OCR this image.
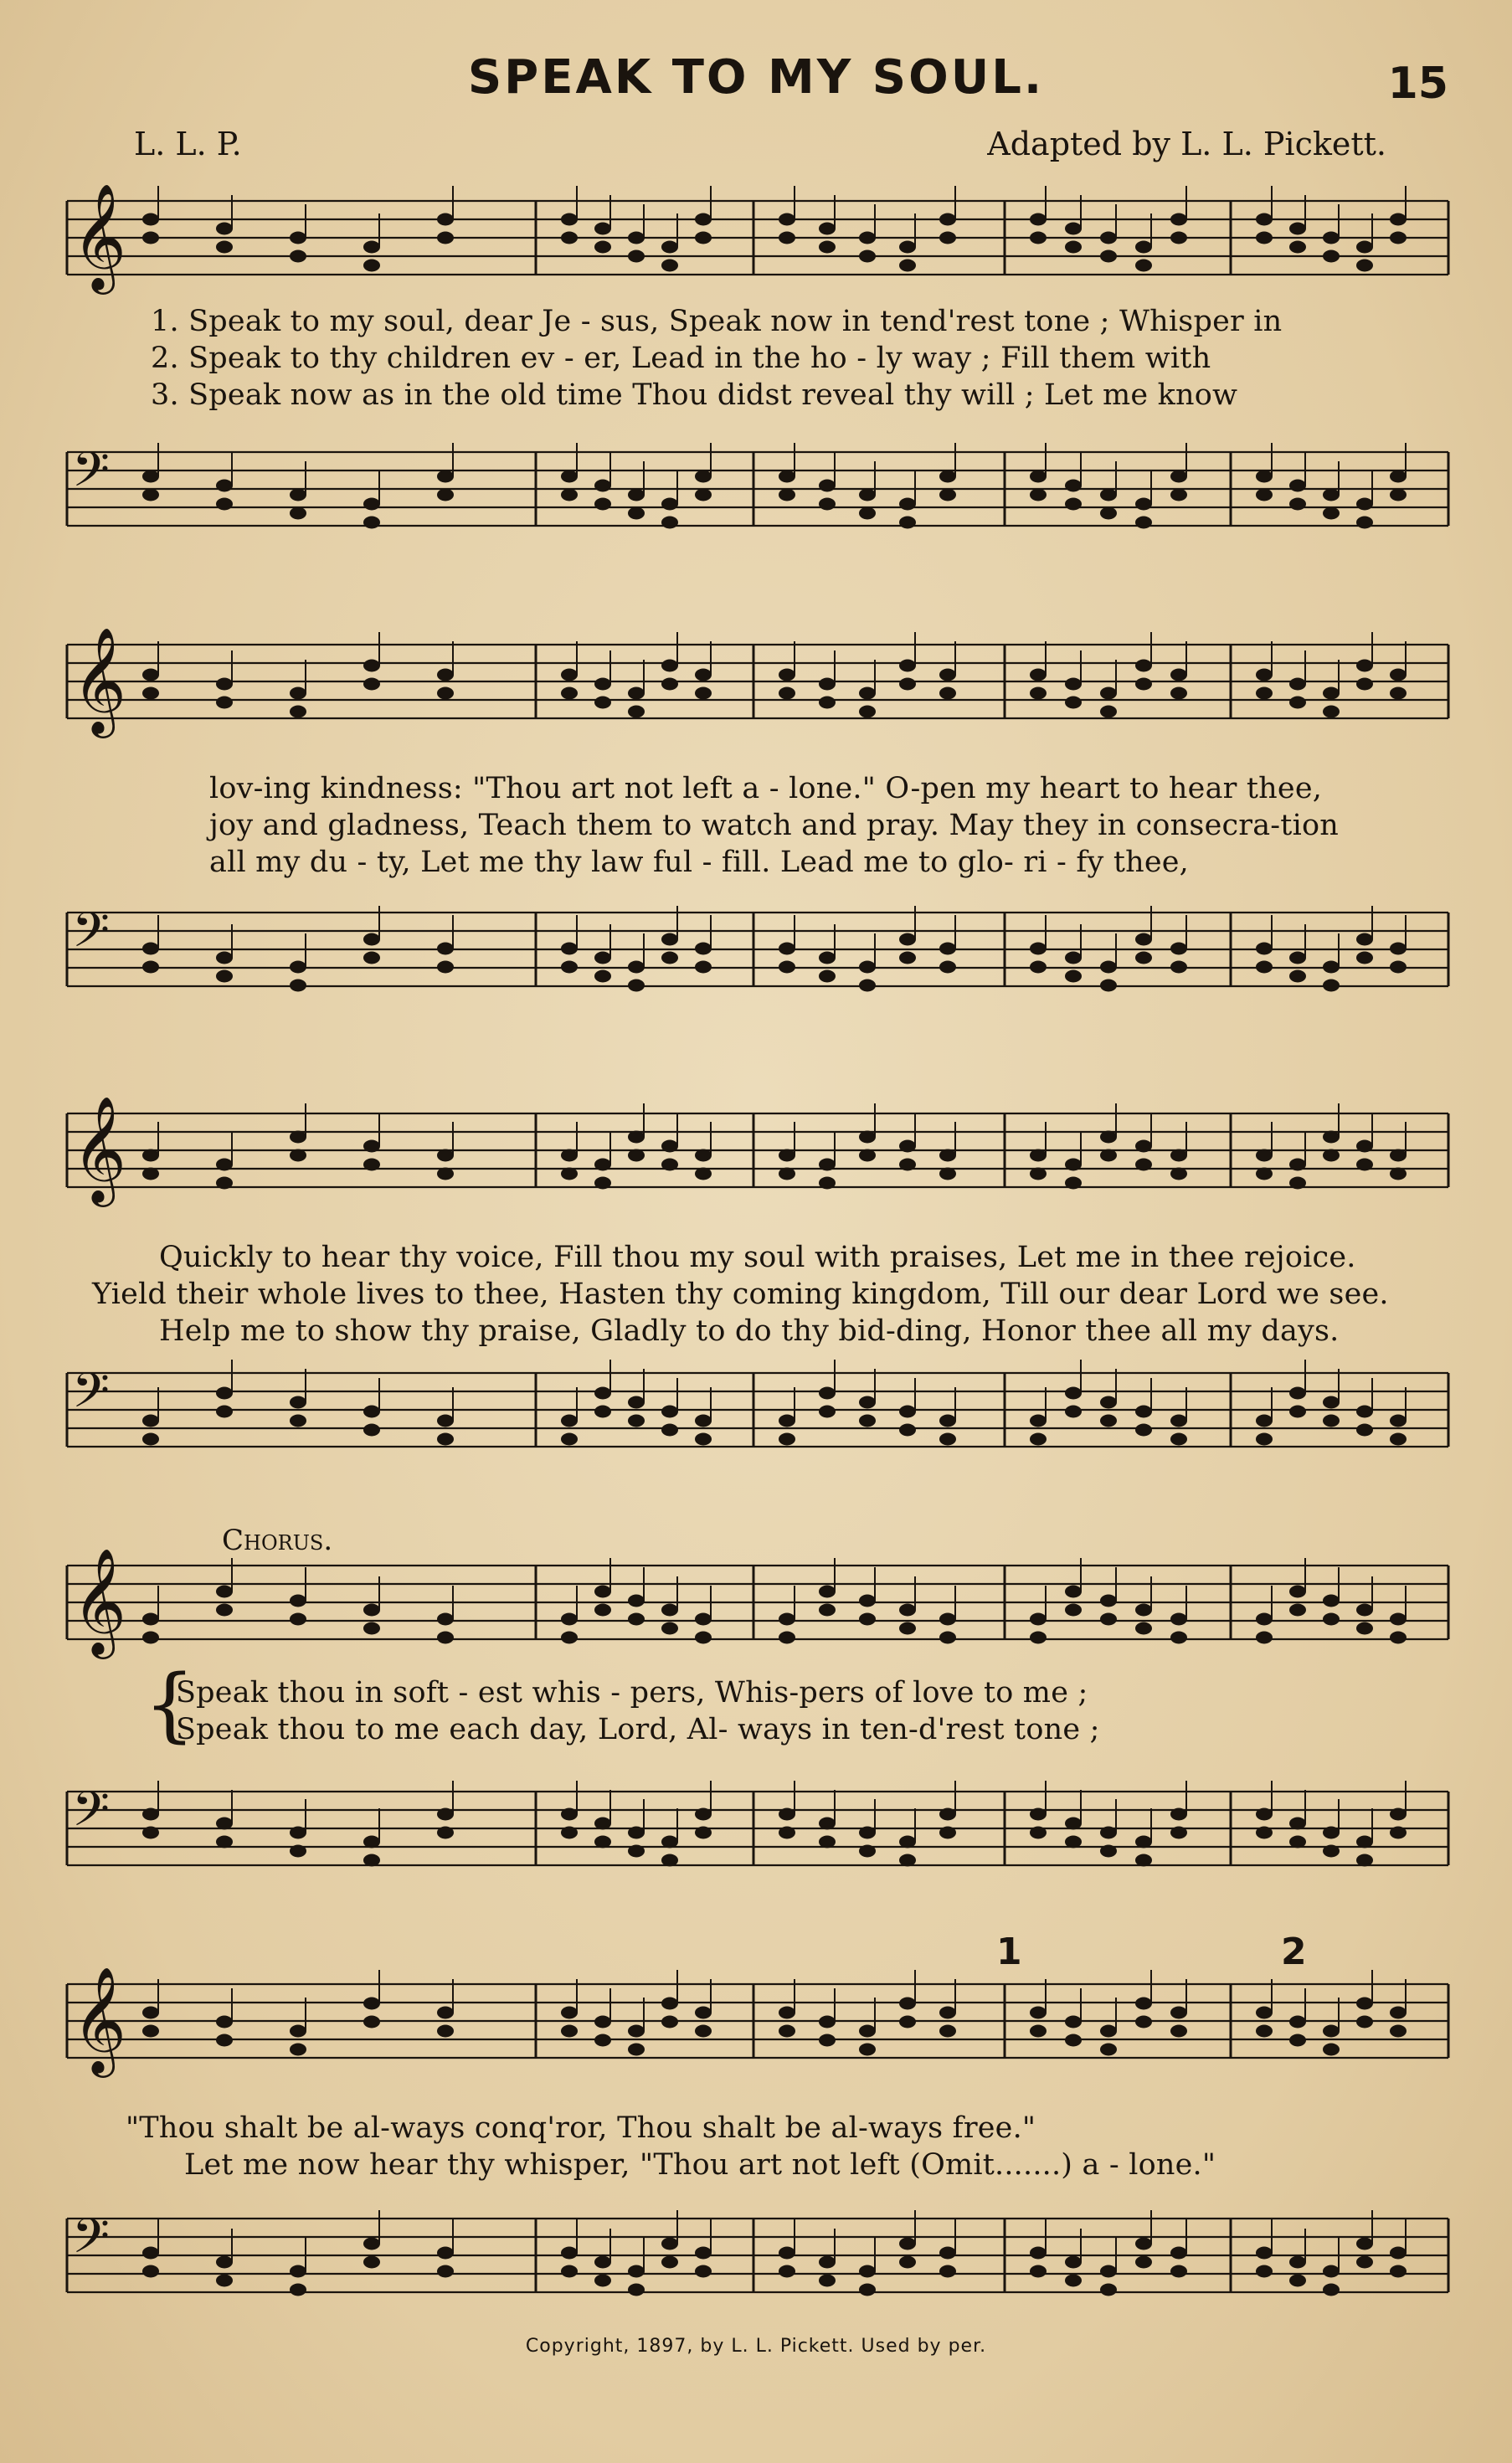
SPEAK TO MY SOUL.	15
L. L. P.	Adapted by L. L. Pickett.
𝄞
1. Speak to my soul, dear Je - sus, Speak now in tend'rest tone ; Whisper in
2. Speak to thy children ev - er, Lead in the ho - ly way ; Fill them with
3. Speak now as in the old time Thou didst reveal thy will ; Let me know
𝄢
𝄞
lov-ing kindness: "Thou art not left a - lone." O-pen my heart to hear thee,
joy and gladness, Teach them to watch and pray. May they in consecra-tion
all my du - ty, Let me thy law ful - fill. Lead me to glo- ri - fy thee,
𝄢
𝄞
Quickly to hear thy voice, Fill thou my soul with praises, Let me in thee rejoice.
Yield their whole lives to thee, Hasten thy coming kingdom, Till our dear Lord we see.
Help me to show thy praise, Gladly to do thy bid-ding, Honor thee all my days.
𝄢
Chorus.
𝄞
{
Speak thou in soft - est whis - pers, Whis-pers of love to me ;
Speak thou to me each day, Lord, Al- ways in ten-d'rest tone ;
𝄢
1	2
𝄞
"Thou shalt be al-ways conq'ror, Thou shalt be al-ways free."
Let me now hear thy whisper, "Thou art not left (Omit.......) a - lone."
𝄢
Copyright, 1897, by L. L. Pickett. Used by per.
